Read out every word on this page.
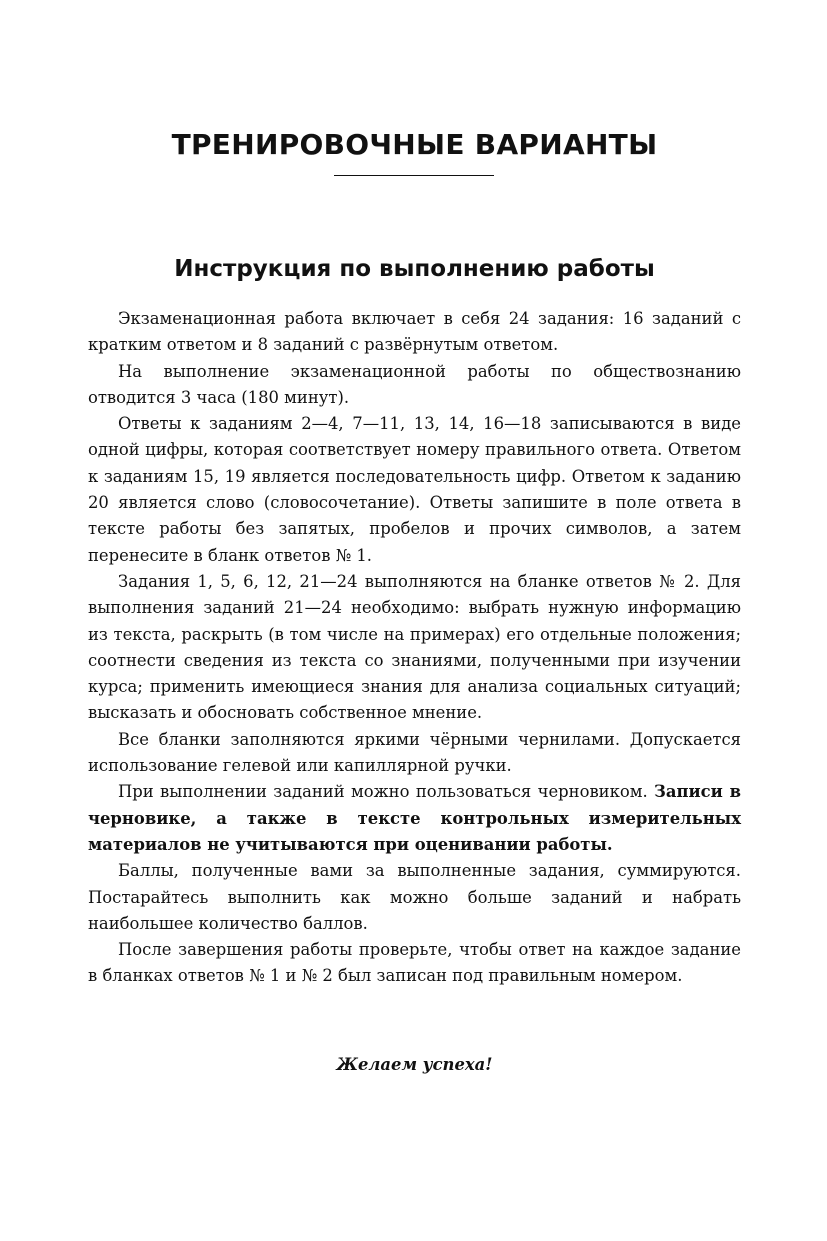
ТРЕНИРОВОЧНЫЕ ВАРИАНТЫ
Инструкция по выполнению работы

Экзаменационная работа включает в себя 24 задания: 16 заданий с кратким ответом и 8 заданий с развёрнутым ответом.

На выполнение экзаменационной работы по обществознанию отводится 3 часа (180 минут).

Ответы к заданиям 2—4, 7—11, 13, 14, 16—18 записываются в виде одной цифры, которая соответствует номеру правильного ответа. Ответом к заданиям 15, 19 является последовательность цифр. Ответом к заданию 20 является слово (словосочетание). Ответы запишите в поле ответа в тексте работы без запятых, пробелов и прочих символов, а затем перенесите в бланк ответов № 1.

Задания 1, 5, 6, 12, 21—24 выполняются на бланке ответов № 2. Для выполнения заданий 21—24 необходимо: выбрать нужную информацию из текста, раскрыть (в том числе на примерах) его отдельные положения; соотнести сведения из текста со знаниями, полученными при изучении курса; применить имеющиеся знания для анализа социальных ситуаций; высказать и обосновать собственное мнение.

Все бланки заполняются яркими чёрными чернилами. Допускается использование гелевой или капиллярной ручки.

При выполнении заданий можно пользоваться черновиком. Записи в черновике, а также в тексте контрольных измерительных материалов не учитываются при оценивании работы.

Баллы, полученные вами за выполненные задания, суммируются. Постарайтесь выполнить как можно больше заданий и набрать наибольшее количество баллов.

После завершения работы проверьте, чтобы ответ на каждое задание в бланках ответов № 1 и № 2 был записан под правильным номером.

Желаем успеха!
